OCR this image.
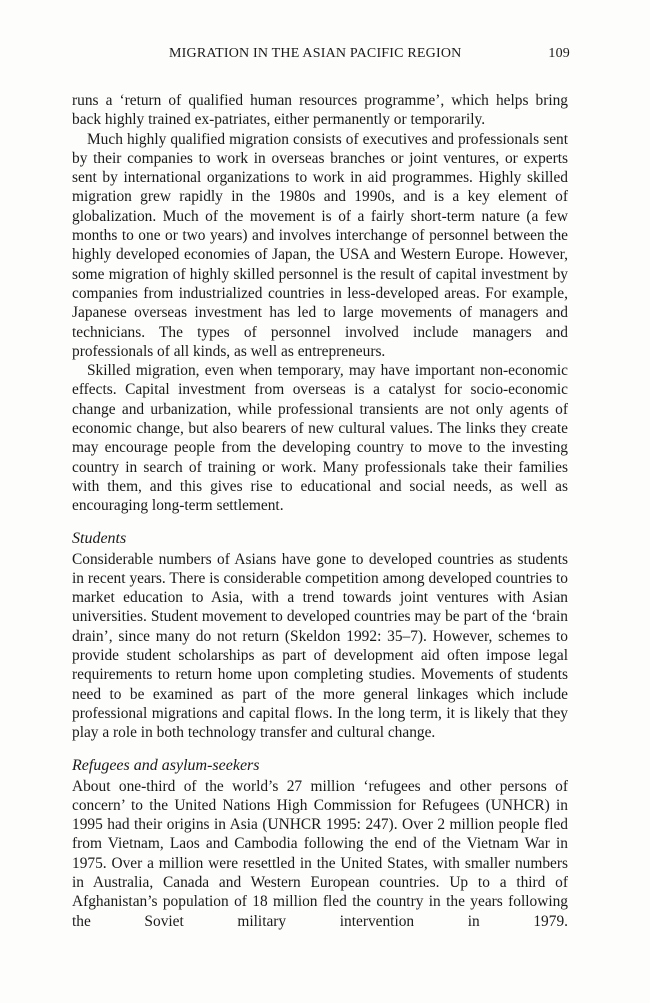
MIGRATION IN THE ASIAN PACIFIC REGION	109

runs a ‘return of qualified human resources programme’, which helps bring back highly trained ex-patriates, either permanently or temporarily.

Much highly qualified migration consists of executives and professionals sent by their companies to work in overseas branches or joint ventures, or experts sent by international organizations to work in aid programmes. Highly skilled migration grew rapidly in the 1980s and 1990s, and is a key element of globalization. Much of the movement is of a fairly short-term nature (a few months to one or two years) and involves interchange of personnel between the highly developed economies of Japan, the USA and Western Europe. However, some migration of highly skilled personnel is the result of capital investment by companies from industrialized countries in less-developed areas. For example, Japanese overseas investment has led to large movements of managers and technicians. The types of personnel involved include managers and professionals of all kinds, as well as entrepreneurs.

Skilled migration, even when temporary, may have important non-economic effects. Capital investment from overseas is a catalyst for socio-economic change and urbanization, while professional transients are not only agents of economic change, but also bearers of new cultural values. The links they create may encourage people from the developing country to move to the investing country in search of training or work. Many professionals take their families with them, and this gives rise to educational and social needs, as well as encouraging long-term settlement.

Students

Considerable numbers of Asians have gone to developed countries as students in recent years. There is considerable competition among developed countries to market education to Asia, with a trend towards joint ventures with Asian universities. Student movement to developed countries may be part of the ‘brain drain’, since many do not return (Skeldon 1992: 35–7). However, schemes to provide student scholarships as part of development aid often impose legal requirements to return home upon completing studies. Movements of students need to be examined as part of the more general linkages which include professional migrations and capital flows. In the long term, it is likely that they play a role in both technology transfer and cultural change.

Refugees and asylum-seekers

About one-third of the world’s 27 million ‘refugees and other persons of concern’ to the United Nations High Commission for Refugees (UNHCR) in 1995 had their origins in Asia (UNHCR 1995: 247). Over 2 million people fled from Vietnam, Laos and Cambodia following the end of the Vietnam War in 1975. Over a million were resettled in the United States, with smaller numbers in Australia, Canada and Western European countries. Up to a third of Afghanistan’s population of 18 million fled the country in the years following the Soviet military intervention in 1979.
